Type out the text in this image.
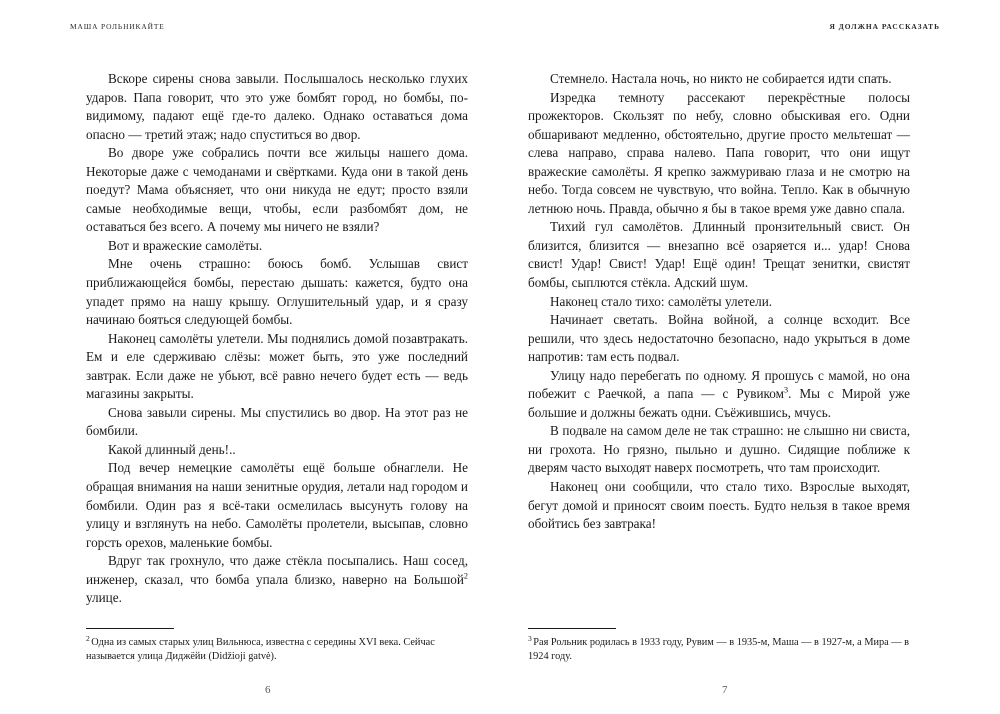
МАША РОЛЬНИКАЙТЕ

Вскоре сирены снова завыли. Послышалось несколько глухих ударов. Папа говорит, что это уже бомбят город, но бомбы, по-видимому, падают ещё где-то далеко. Однако оставаться дома опасно — третий этаж; надо спуститься во двор.

Во дворе уже собрались почти все жильцы нашего дома. Некоторые даже с чемоданами и свёртками. Куда они в такой день поедут? Мама объясняет, что они никуда не едут; просто взяли самые необходимые вещи, чтобы, если разбомбят дом, не оставаться без всего. А почему мы ничего не взяли?

Вот и вражеские самолёты.

Мне очень страшно: боюсь бомб. Услышав свист приближающейся бомбы, перестаю дышать: кажется, будто она упадет прямо на нашу крышу. Оглушительный удар, и я сразу начинаю бояться следующей бомбы.

Наконец самолёты улетели. Мы поднялись домой позавтракать. Ем и еле сдерживаю слёзы: может быть, это уже последний завтрак. Если даже не убьют, всё равно нечего будет есть — ведь магазины закрыты.

Снова завыли сирены. Мы спустились во двор. На этот раз не бомбили.

Какой длинный день!..

Под вечер немецкие самолёты ещё больше обнаглели. Не обращая внимания на наши зенитные орудия, летали над городом и бомбили. Один раз я всё-таки осмелилась высунуть голову на улицу и взглянуть на небо. Самолёты пролетели, высыпав, словно горсть орехов, маленькие бомбы.

Вдруг так грохнуло, что даже стёкла посыпались. Наш сосед, инженер, сказал, что бомба упала близко, наверно на Большой$^2$ улице.

$^2$ Одна из самых старых улиц Вильнюса, известна с середины XVI века. Сейчас называется улица Диджёйи (Didžioji gatvė).

6
Я ДОЛЖНА РАССКАЗАТЬ

Стемнело. Настала ночь, но никто не собирается идти спать.

Изредка темноту рассекают перекрёстные полосы прожекторов. Скользят по небу, словно обыскивая его. Одни обшаривают медленно, обстоятельно, другие просто мельтешат — слева направо, справа налево. Папа говорит, что они ищут вражеские самолёты. Я крепко зажмуриваю глаза и не смотрю на небо. Тогда совсем не чувствую, что война. Тепло. Как в обычную летнюю ночь. Правда, обычно я бы в такое время уже давно спала.

Тихий гул самолётов. Длинный пронзительный свист. Он близится, близится — внезапно всё озаряется и... удар! Снова свист! Удар! Свист! Удар! Ещё один! Трещат зенитки, свистят бомбы, сыплются стёкла. Адский шум.

Наконец стало тихо: самолёты улетели.

Начинает светать. Война войной, а солнце всходит. Все решили, что здесь недостаточно безопасно, надо укрыться в доме напротив: там есть подвал.

Улицу надо перебегать по одному. Я прошусь с мамой, но она побежит с Раечкой, а папа — с Рувиком$^3$. Мы с Мирой уже большие и должны бежать одни. Съёжившись, мчусь.

В подвале на самом деле не так страшно: не слышно ни свиста, ни грохота. Но грязно, пыльно и душно. Сидящие поближе к дверям часто выходят наверх посмотреть, что там происходит.

Наконец они сообщили, что стало тихо. Взрослые выходят, бегут домой и приносят своим поесть. Будто нельзя в такое время обойтись без завтрака!

$^3$ Рая Рольник родилась в 1933 году, Рувим — в 1935-м, Маша — в 1927-м, а Мира — в 1924 году.

7
